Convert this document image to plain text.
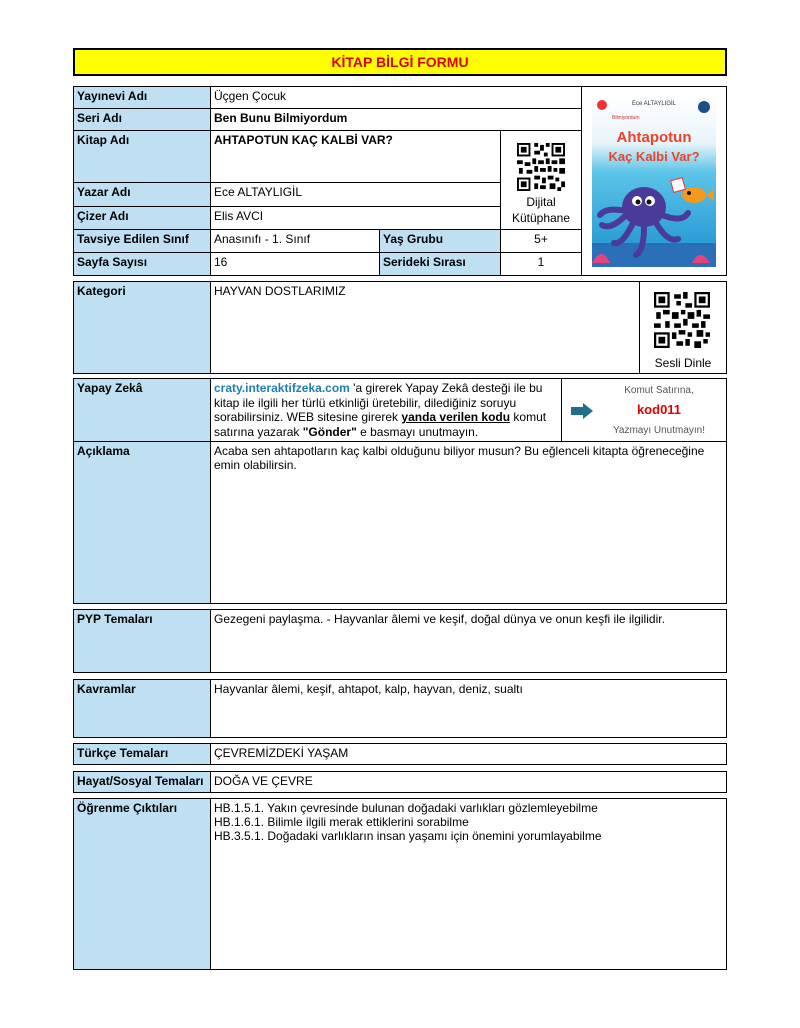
KİTAP BİLGİ FORMU
Yayınevi Adı	Üçgen Çocuk
Seri Adı	Ben Bunu Bilmiyordum
Kitap Adı	AHTAPOTUN KAÇ KALBİ VAR?
Yazar Adı	Ece ALTAYLIGİL
Çizer Adı	Elis AVCI
Dijital
Kütüphane
Tavsiye Edilen Sınıf	Anasınıfı - 1. Sınıf	Yaş Grubu	5+
Sayfa Sayısı	16	Serideki Sırası	1
Bilmiyordum
Ece ALTAYLIGİL
Ahtapotun
Kaç Kalbi Var?
Kategori	HAYVAN DOSTLARIMIZ
Sesli Dinle
Yapay Zekâ	craty.interaktifzeka.com 'a girerek Yapay Zekâ desteği ile bu kitap ile ilgili her türlü etkinliği üretebilir, dilediğiniz soruyu sorabilirsiniz. WEB sitesine girerek yanda verilen kodu komut satırına yazarak "Gönder" e basmayı unutmayın.
Komut Satırına,
kod011
Yazmayı Unutmayın!
Açıklama	Acaba sen ahtapotların kaç kalbi olduğunu biliyor musun? Bu eğlenceli kitapta öğreneceğine emin olabilirsin.
PYP Temaları	Gezegeni paylaşma. - Hayvanlar âlemi ve keşif, doğal dünya ve onun keşfi ile ilgilidir.
Kavramlar	Hayvanlar âlemi, keşif, ahtapot, kalp, hayvan, deniz, sualtı
Türkçe Temaları	ÇEVREMİZDEKİ YAŞAM
Hayat/Sosyal Temaları DOĞA VE ÇEVRE
Öğrenme Çıktıları	HB.1.5.1. Yakın çevresinde bulunan doğadaki varlıkları gözlemleyebilme
HB.1.6.1. Bilimle ilgili merak ettiklerini sorabilme
HB.3.5.1. Doğadaki varlıkların insan yaşamı için önemini yorumlayabilme
